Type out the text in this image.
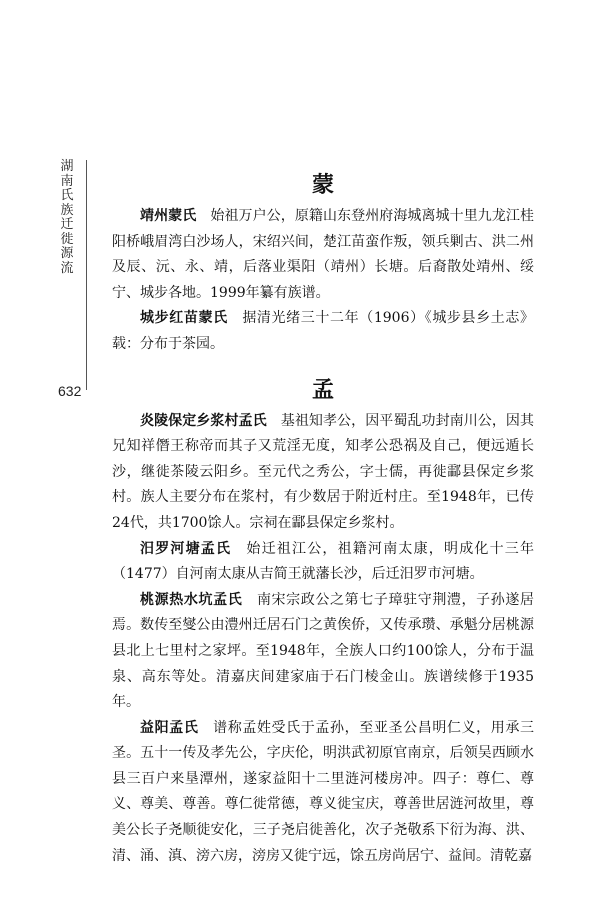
湖南氏族迁徙源流
632
蒙

靖州蒙氏　 始祖万户公，原籍山东登州府海城离城十里九龙江桂阳桥峨眉湾白沙场人，宋绍兴间，楚江苗蛮作叛，领兵剿古、洪二州及辰、沅、永、靖，后落业渠阳（靖州）长塘。后裔散处靖州、绥宁、城步各地。1999年纂有族谱。

城步红苗蒙氏　 据清光绪三十二年（1906）《城步县乡土志》载：分布于茶园。

孟

炎陵保定乡浆村孟氏　 基祖知孝公，因平蜀乱功封南川公，因其兄知祥僭王称帝而其子又荒淫无度，知孝公恐祸及自己，便远遁长沙，继徙茶陵云阳乡。至元代之秀公，字士儒，再徙酃县保定乡浆村。族人主要分布在浆村，有少数居于附近村庄。至1948年，已传24代，共1700馀人。宗祠在酃县保定乡浆村。

汨罗河塘孟氏　 始迁祖江公，祖籍河南太康，明成化十三年（1477）自河南太康从吉简王就藩长沙，后迁汨罗市河塘。

桃源热水坑孟氏　 南宋宗政公之第七子璋驻守荆澧，子孙遂居焉。数传至燮公由澧州迁居石门之黄俟侨，又传承瓒、承魁分居桃源县北上七里村之家坪。至1948年，全族人口约100馀人，分布于温泉、高东等处。清嘉庆间建家庙于石门棱金山。族谱续修于1935年。

益阳孟氏　 谱称孟姓受氏于孟孙，至亚圣公昌明仁义，用承三圣。五十一传及孝先公，字庆伦，明洪武初原官南京，后领吴西顾水县三百户来垦潭州，遂家益阳十二里涟河楼房冲。四子：尊仁、尊义、尊美、尊善。尊仁徙常德，尊义徙宝庆，尊善世居涟河故里，尊美公长子尧顺徙安化，三子尧启徙善化，次子尧敬系下衍为海、洪、清、涌、滇、滂六房，滂房又徙宁远，馀五房尚居宁、益间。清乾嘉
